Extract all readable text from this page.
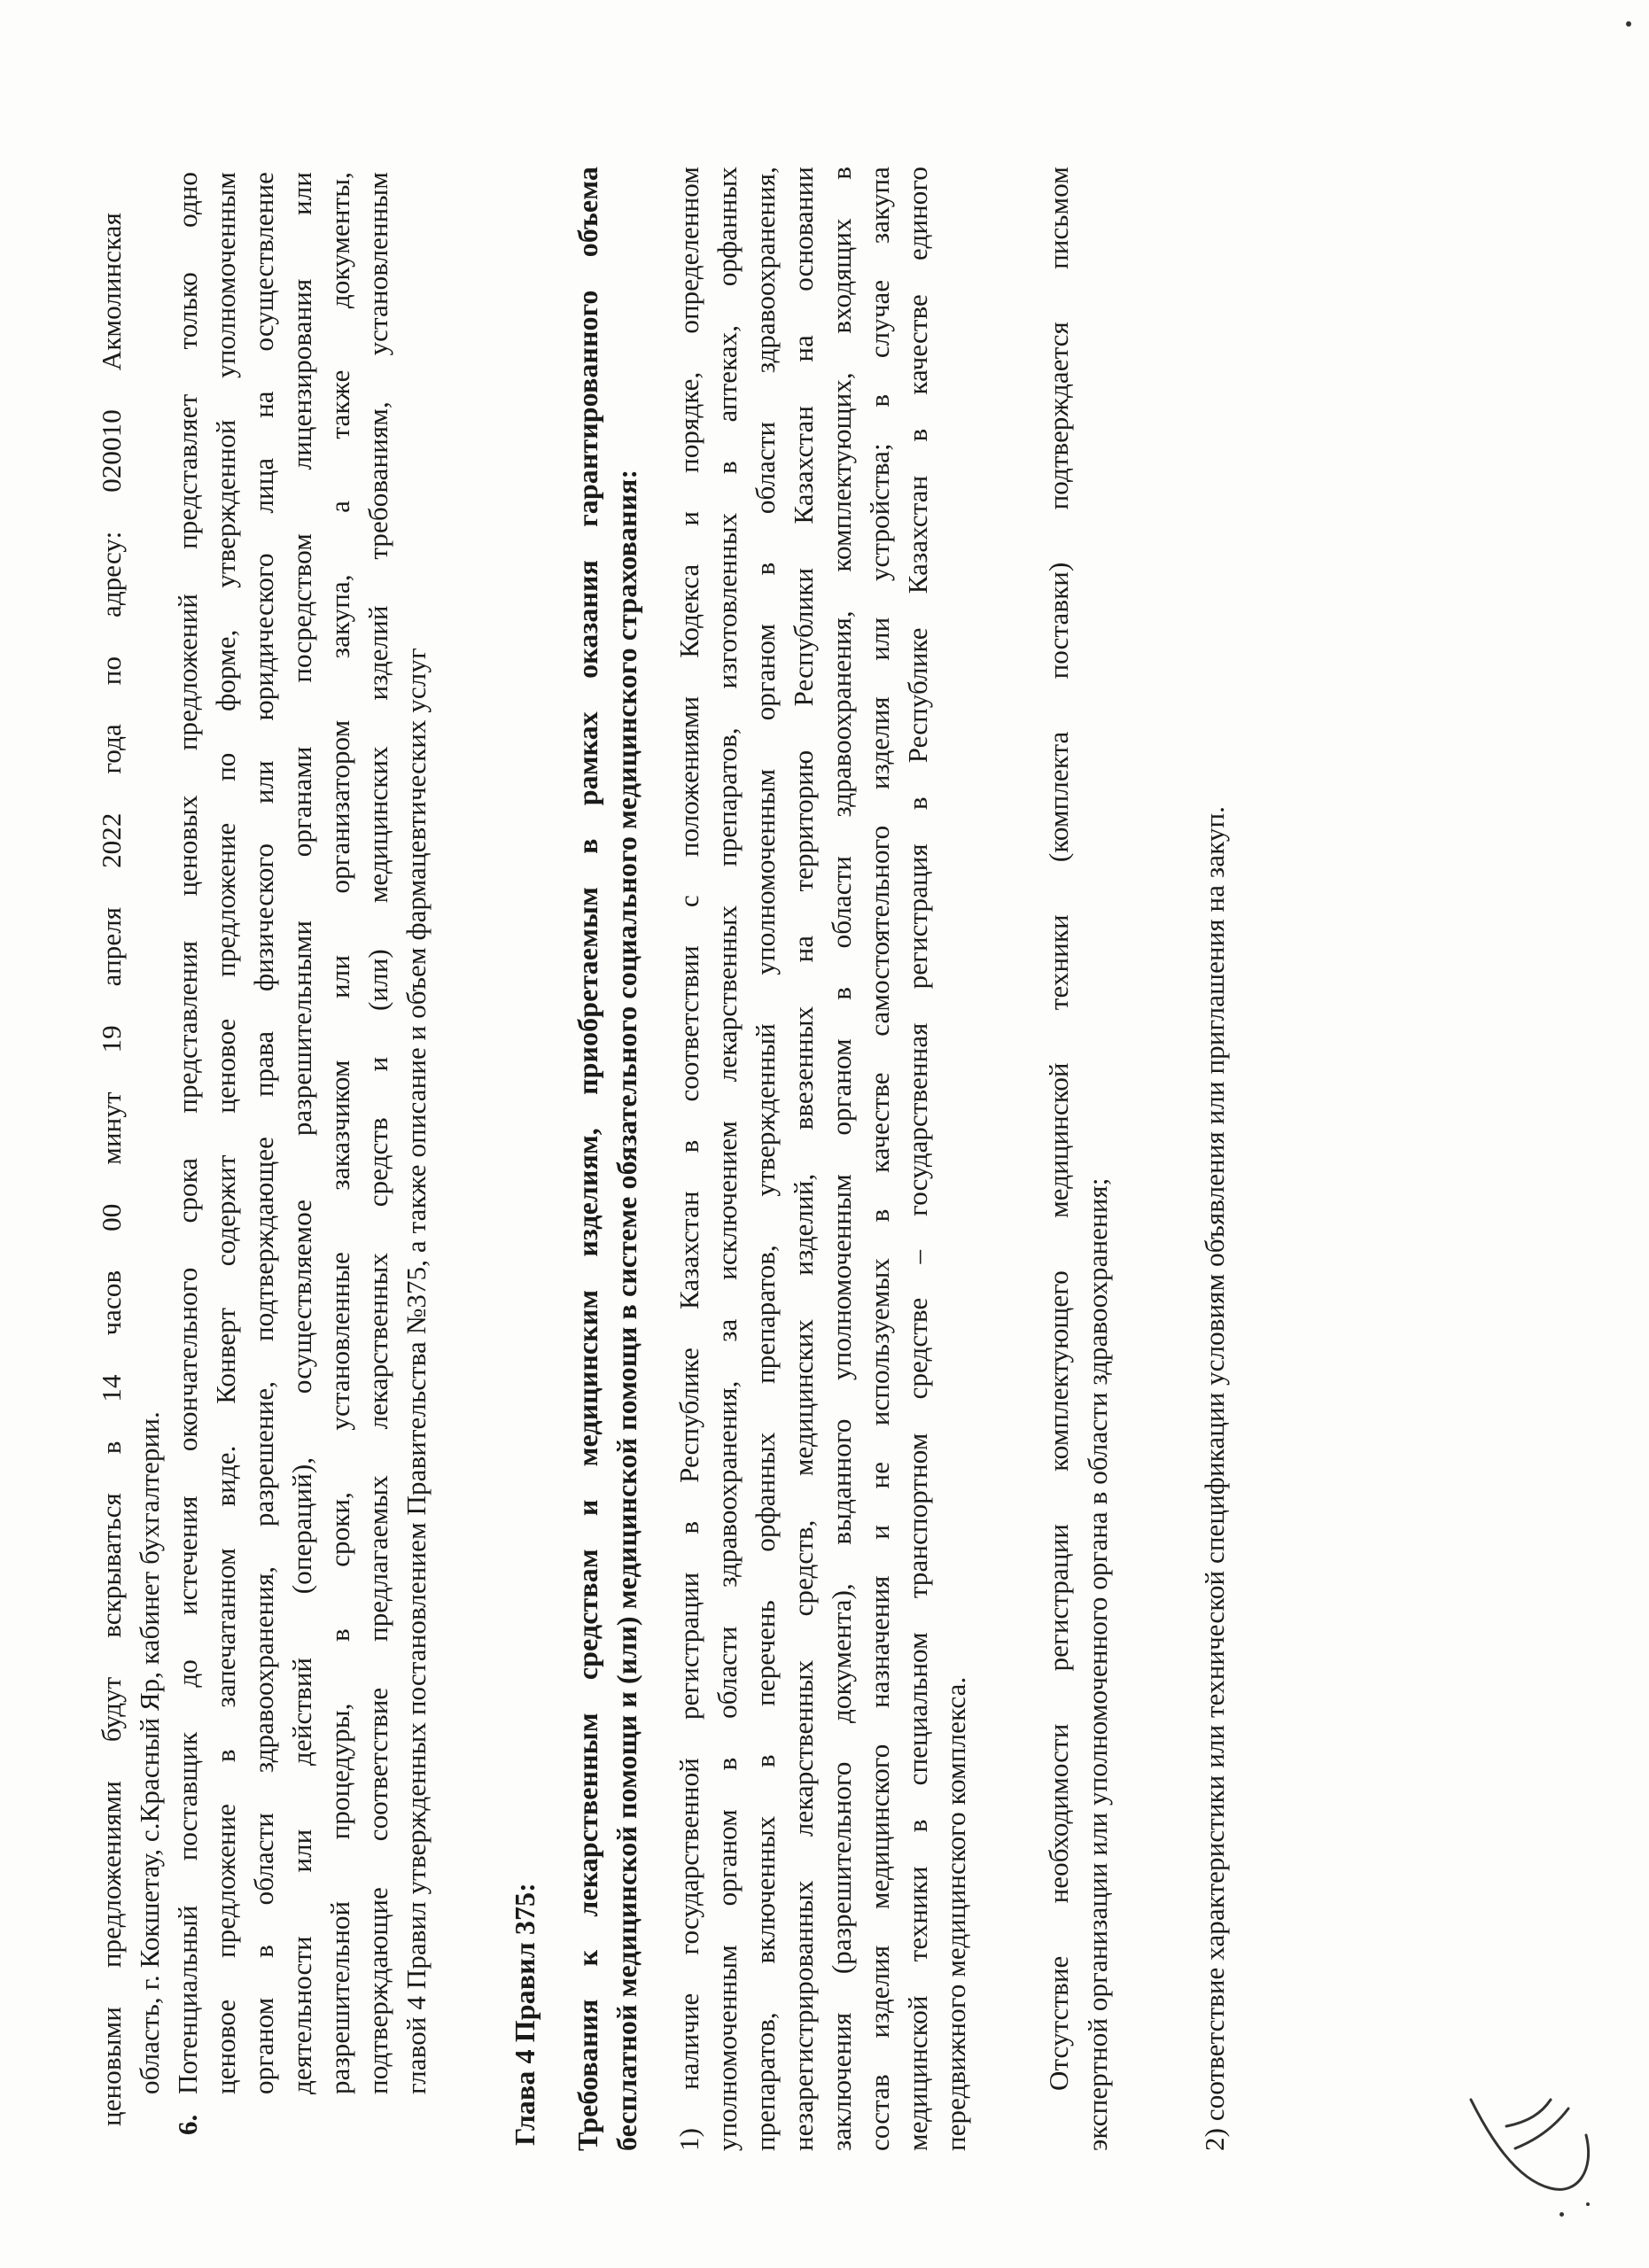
ценовыми предложениями будут вскрываться в 14 часов 00 минут 19 апреля 2022 года по адресу: 020010 Акмолинская область, г. Кокшетау, с.Красный Яр, кабинет бухгалтерии.
6.
Потенциальный поставщик до истечения окончательного срока представления ценовых предложений представляет только одно ценовое предложение в запечатанном виде. Конверт содержит ценовое предложение по форме, утвержденной уполномоченным органом в области здравоохранения, разрешение, подтверждающее права физического или юридического лица на осуществление деятельности или действий (операций), осуществляемое разрешительными органами посредством лицензирования или разрешительной процедуры, в сроки, установленные заказчиком или организатором закупа, а также документы, подтверждающие соответствие предлагаемых лекарственных средств и (или) медицинских изделий требованиям, установленным главой 4 Правил утвержденных постановлением Правительства №375, а также описание и объем фармацевтических услуг	Глава 4 Правил 375: Требования к лекарственным средствам и медицинским изделиям, приобретаемым в рамках оказания гарантированного объема бесплатной медицинской помощи и (или) медицинской помощи в системе обязательного социального медицинского страхования: 1) наличие государственной регистрации в Республике Казахстан в соответствии с положениями Кодекса и порядке, определенном уполномоченным органом в области здравоохранения, за исключением лекарственных препаратов, изготовленных в аптеках, орфанных препаратов, включенных в перечень орфанных препаратов, утвержденный уполномоченным органом в области здравоохранения, незарегистрированных лекарственных средств, медицинских изделий, ввезенных на территорию Республики Казахстан на основании заключения (разрешительного документа), выданного уполномоченным органом в области здравоохранения, комплектующих, входящих в состав изделия медицинского назначения и не используемых в качестве самостоятельного изделия или устройства; в случае закупа медицинской техники в специальном транспортном средстве – государственная регистрация в Республике Казахстан в качестве единого передвижного медицинского комплекса.	Отсутствие необходимости регистрации комплектующего медицинской техники (комплекта поставки) подтверждается письмом экспертной организации или уполномоченного органа в области здравоохранения;	2) соответствие характеристики или технической спецификации условиям объявления или приглашения на закуп.
